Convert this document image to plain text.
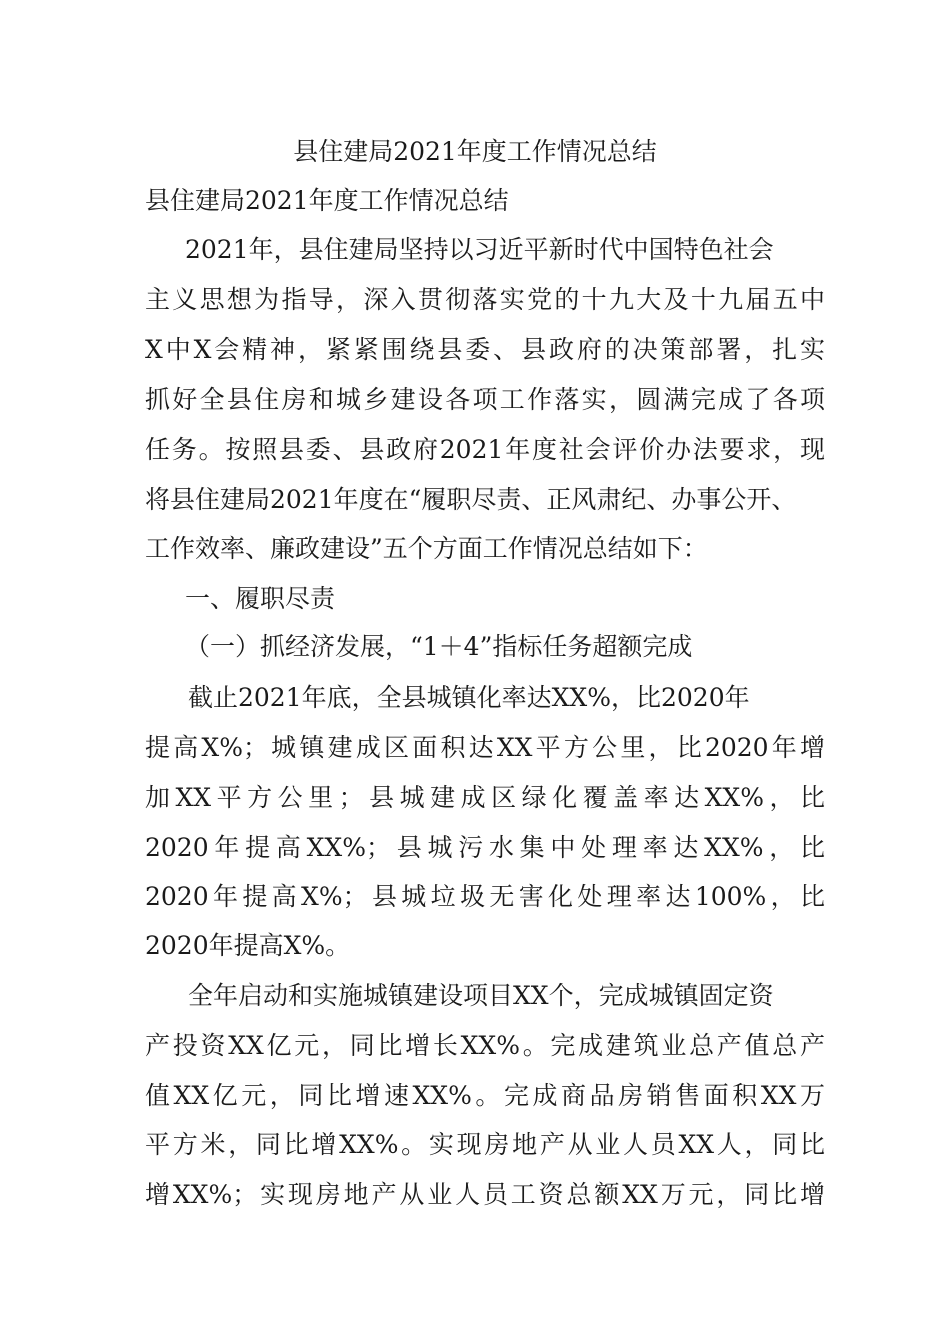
县住建局2021年度工作情况总结

县住建局2021年度工作情况总结

2021年，县住建局坚持以习近平新时代中国特色社会

主义思想为指导，深入贯彻落实党的十九大及十九届五中

X中X会精神，紧紧围绕县委、县政府的决策部署，扎实

抓好全县住房和城乡建设各项工作落实，圆满完成了各项

任务。按照县委、县政府2021年度社会评价办法要求，现

将县住建局2021年度在“履职尽责、正风肃纪、办事公开、

工作效率、廉政建设”五个方面工作情况总结如下：

一、履职尽责

（一）抓经济发展，“1＋4”指标任务超额完成

截止2021年底，全县城镇化率达XX%，比2020年

提高X%；城镇建成区面积达XX平方公里，比2020年增

加XX平方公里；县城建成区绿化覆盖率达XX%，比

2020年提高XX%；县城污水集中处理率达XX%，比

2020年提高X%；县城垃圾无害化处理率达100%，比

2020年提高X%。

全年启动和实施城镇建设项目XX个，完成城镇固定资

产投资XX亿元，同比增长XX%。完成建筑业总产值总产

值XX亿元，同比增速XX%。完成商品房销售面积XX万

平方米，同比增XX%。实现房地产从业人员XX人，同比

增XX%；实现房地产从业人员工资总额XX万元，同比增
